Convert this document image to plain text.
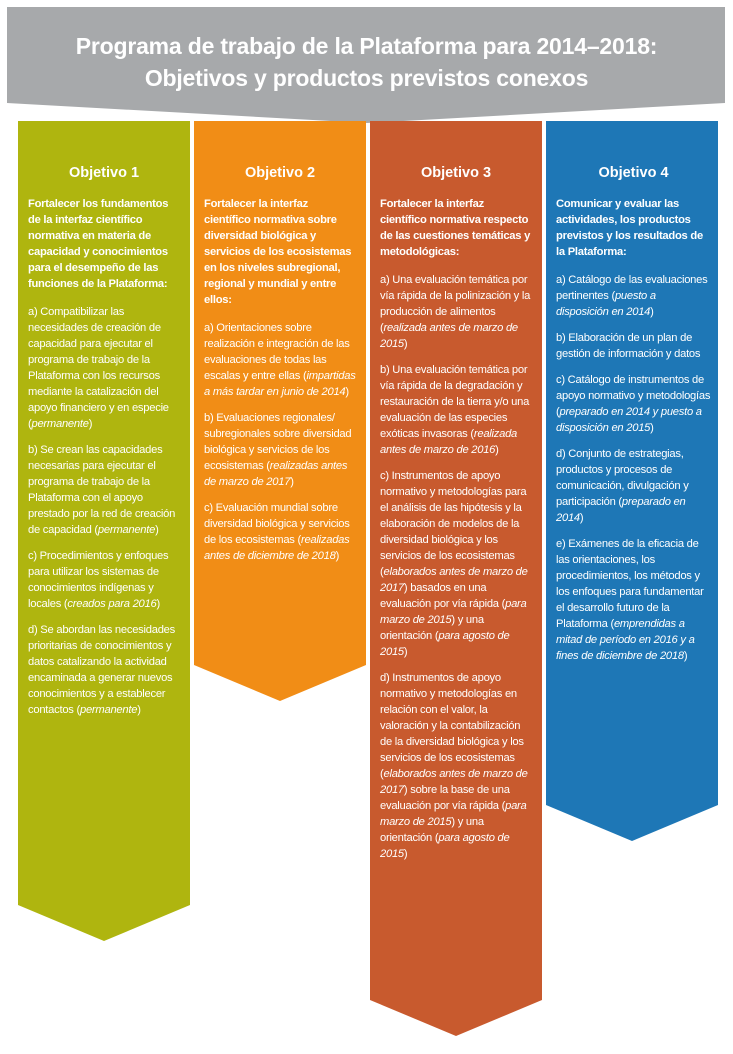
Programa de trabajo de la Plataforma para 2014–2018:
Objetivos y productos previstos conexos
Objetivo 1
Fortalecer los fundamentos de la interfaz científico normativa en materia de capacidad y conocimientos para el desempeño de las funciones de la Plataforma:
a) Compatibilizar las necesidades de creación de capacidad para ejecutar el programa de trabajo de la Plataforma con los recursos mediante la catalización del apoyo financiero y en especie (permanente)
b) Se crean las capacidades necesarias para ejecutar el programa de trabajo de la Plataforma con el apoyo prestado por la red de creación de capacidad (permanente)
c) Procedimientos y enfoques para utilizar los sistemas de conocimientos indígenas y locales (creados para 2016)
d) Se abordan las necesidades prioritarias de conocimientos y datos catalizando la actividad encaminada a generar nuevos conocimientos y a establecer contactos (permanente)
Objetivo 2
Fortalecer la interfaz científico normativa sobre diversidad biológica y servicios de los ecosistemas en los niveles subregional, regional y mundial y entre ellos:
a) Orientaciones sobre realización e integración de las evaluaciones de todas las escalas y entre ellas (impartidas a más tardar en junio de 2014)
b) Evaluaciones regionales/ subregionales sobre diversidad biológica y servicios de los ecosistemas (realizadas antes de marzo de 2017)
c) Evaluación mundial sobre diversidad biológica y servicios de los ecosistemas (realizadas antes de diciembre de 2018)
Objetivo 3
Fortalecer la interfaz científico normativa respecto de las cuestiones temáticas y metodológicas:
a) Una evaluación temática por vía rápida de la polinización y la producción de alimentos (realizada antes de marzo de 2015)
b) Una evaluación temática por vía rápida de la degradación y restauración de la tierra y/o una evaluación de las especies exóticas invasoras (realizada antes de marzo de 2016)
c) Instrumentos de apoyo normativo y metodologías para el análisis de las hipótesis y la elaboración de modelos de la diversidad biológica y los servicios de los ecosistemas (elaborados antes de marzo de 2017) basados en una evaluación por vía rápida (para marzo de 2015) y una orientación (para agosto de 2015)
d) Instrumentos de apoyo normativo y metodologías en relación con el valor, la valoración y la contabilización de la diversidad biológica y los servicios de los ecosistemas (elaborados antes de marzo de 2017) sobre la base de una evaluación por vía rápida (para marzo de 2015) y una orientación (para agosto de 2015)
Objetivo 4
Comunicar y evaluar las actividades, los productos previstos y los resultados de la Plataforma:
a) Catálogo de las evaluaciones pertinentes (puesto a disposición en 2014)
b) Elaboración de un plan de gestión de información y datos
c) Catálogo de instrumentos de apoyo normativo y metodologías (preparado en 2014 y puesto a disposición en 2015)
d) Conjunto de estrategias, productos y procesos de comunicación, divulgación y participación (preparado en 2014)
e) Exámenes de la eficacia de las orientaciones, los procedimientos, los métodos y los enfoques para fundamentar el desarrollo futuro de la Plataforma (emprendidas a mitad de período en 2016 y a fines de diciembre de 2018)
